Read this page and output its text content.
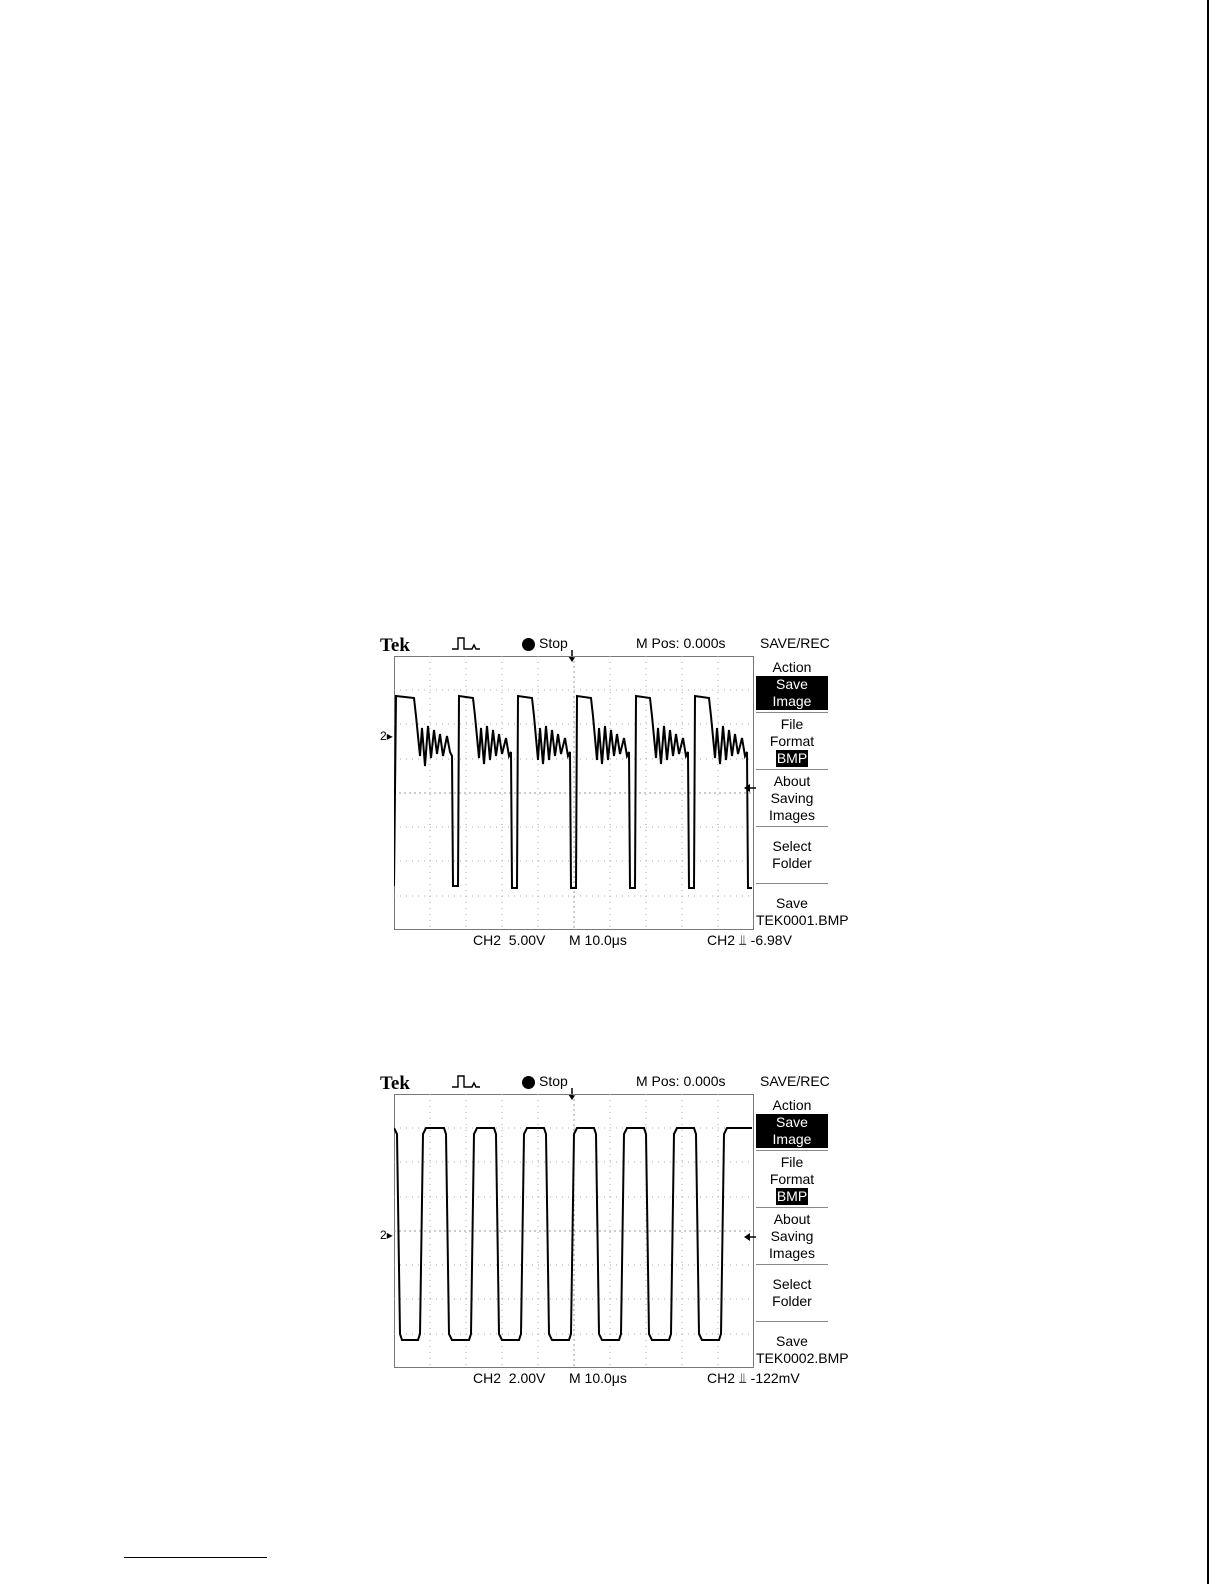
Tek	Stop	M Pos: 0.000s SAVE/REC
2▸
Action
Save Image
File
Format
BMP
About
Saving
Images
Select
Folder
Save
TEK0001.BMP
CH2  5.00V M 10.0μs	CH2 ⫫ -6.98V
Tek	Stop	M Pos: 0.000s SAVE/REC
2▸
Action
Save Image
File
Format
BMP
About
Saving
Images
Select
Folder
Save
TEK0002.BMP
CH2  2.00V M 10.0μs	CH2 ⫫ -122mV
